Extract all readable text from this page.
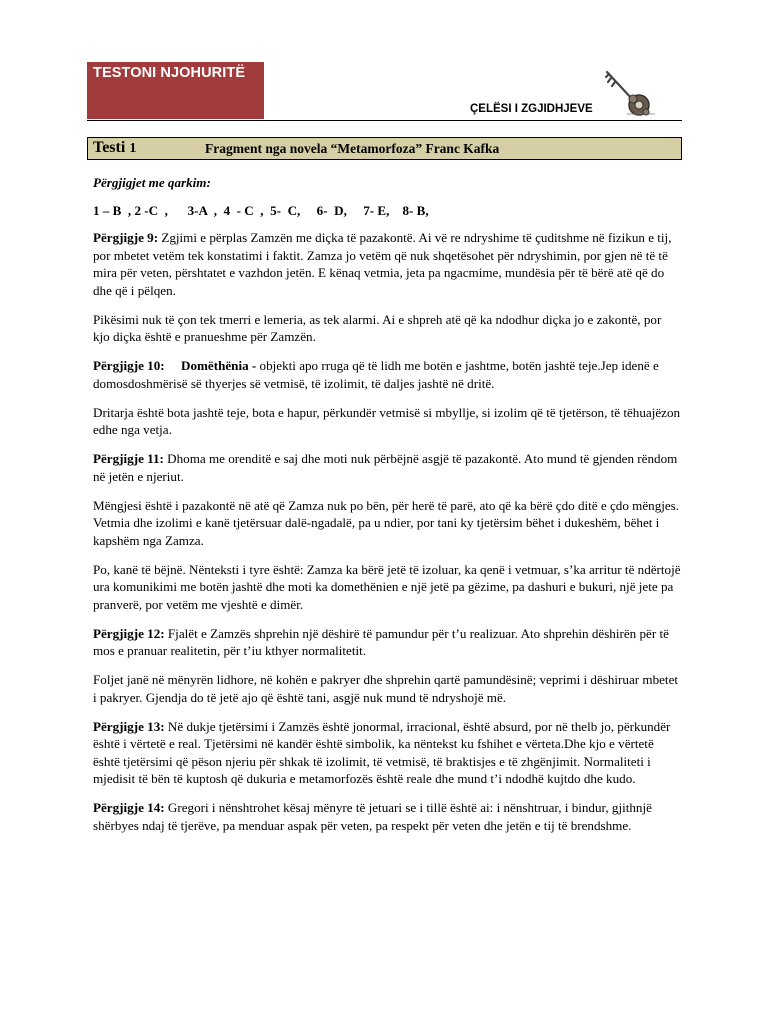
TESTONI NJOHURITË
ÇELËSI I ZGJIDHJEVE	Arbus Sdes Fotos
Testi 1	Fragment nga novela “Metamorfoza” Franc Kafka

Përgjigjet me qarkim:

1 – B  , 2 -C  ,      3-A  ,  4  - C  ,  5-  C,     6-  D,     7- E,    8- B,

Përgjigje 9: Zgjimi e përplas Zamzën me diçka të pazakontë. Ai vë re ndryshime të çuditshme në fizikun e tij, por mbetet vetëm tek konstatimi i faktit. Zamza jo vetëm që nuk shqetësohet për ndryshimin, por gjen në të të mira për veten, përshtatet e vazhdon jetën. E kënaq vetmia, jeta pa ngacmime, mundësia për të bërë atë që do dhe që i pëlqen.

Pikësimi nuk të çon tek tmerri e lemeria, as tek alarmi. Ai e shpreh atë që ka ndodhur diçka jo e zakontë, por kjo diçka është e pranueshme për Zamzën.

Përgjigje 10: Domëthënia - objekti apo rruga që të lidh me botën e jashtme, botën jashtë teje.Jep idenë e domosdoshmërisë së thyerjes së vetmisë, të izolimit, të daljes jashtë në dritë.

Dritarja është bota jashtë teje, bota e hapur, përkundër vetmisë si mbyllje, si izolim që të tjetërson, të tëhuajëzon edhe nga vetja.

Përgjigje 11: Dhoma me orenditë e saj dhe moti nuk përbëjnë asgjë të pazakontë. Ato mund të gjenden rëndom në jetën e njeriut.

Mëngjesi është i pazakontë në atë që Zamza nuk po bën, për herë të parë, ato që ka bërë çdo ditë e çdo mëngjes. Vetmia dhe izolimi e kanë tjetërsuar dalë-ngadalë, pa u ndier, por tani ky tjetërsim bëhet i dukeshëm, bëhet i kapshëm nga Zamza.

Po, kanë të bëjnë. Nënteksti i tyre është: Zamza ka bërë jetë të izoluar, ka qenë i vetmuar, s’ka arritur të ndërtojë ura komunikimi me botën jashtë dhe moti ka domethënien e një jetë pa gëzime, pa dashuri e bukuri, një jete pa pranverë, por vetëm me vjeshtë e dimër.

Përgjigje 12: Fjalët e Zamzës shprehin një dëshirë të pamundur për t’u realizuar. Ato shprehin dëshirën për të mos e pranuar realitetin, për t’iu kthyer normalitetit.

Foljet janë në mënyrën lidhore, në kohën e pakryer dhe shprehin qartë pamundësinë; veprimi i dëshiruar mbetet i pakryer. Gjendja do të jetë ajo që është tani, asgjë nuk mund të ndryshojë më.

Përgjigje 13: Në dukje tjetërsimi i Zamzës është jonormal, irracional, është absurd, por në thelb jo, përkundër është i vërtetë e real. Tjetërsimi në kandër është simbolik, ka nëntekst ku fshihet e vërteta.Dhe kjo e vërtetë është tjetërsimi që pëson njeriu për shkak të izolimit, të vetmisë, të braktisjes e të zhgënjimit. Normaliteti i mjedisit të bën të kuptosh që dukuria e metamorfozës është reale dhe mund t’i ndodhë kujtdo dhe kudo.

Përgjigje 14: Gregori i nënshtrohet kësaj mënyre të jetuari se i tillë është ai: i nënshtruar, i bindur, gjithnjë shërbyes ndaj të tjerëve, pa menduar aspak për veten, pa respekt për veten dhe jetën e tij të brendshme.
